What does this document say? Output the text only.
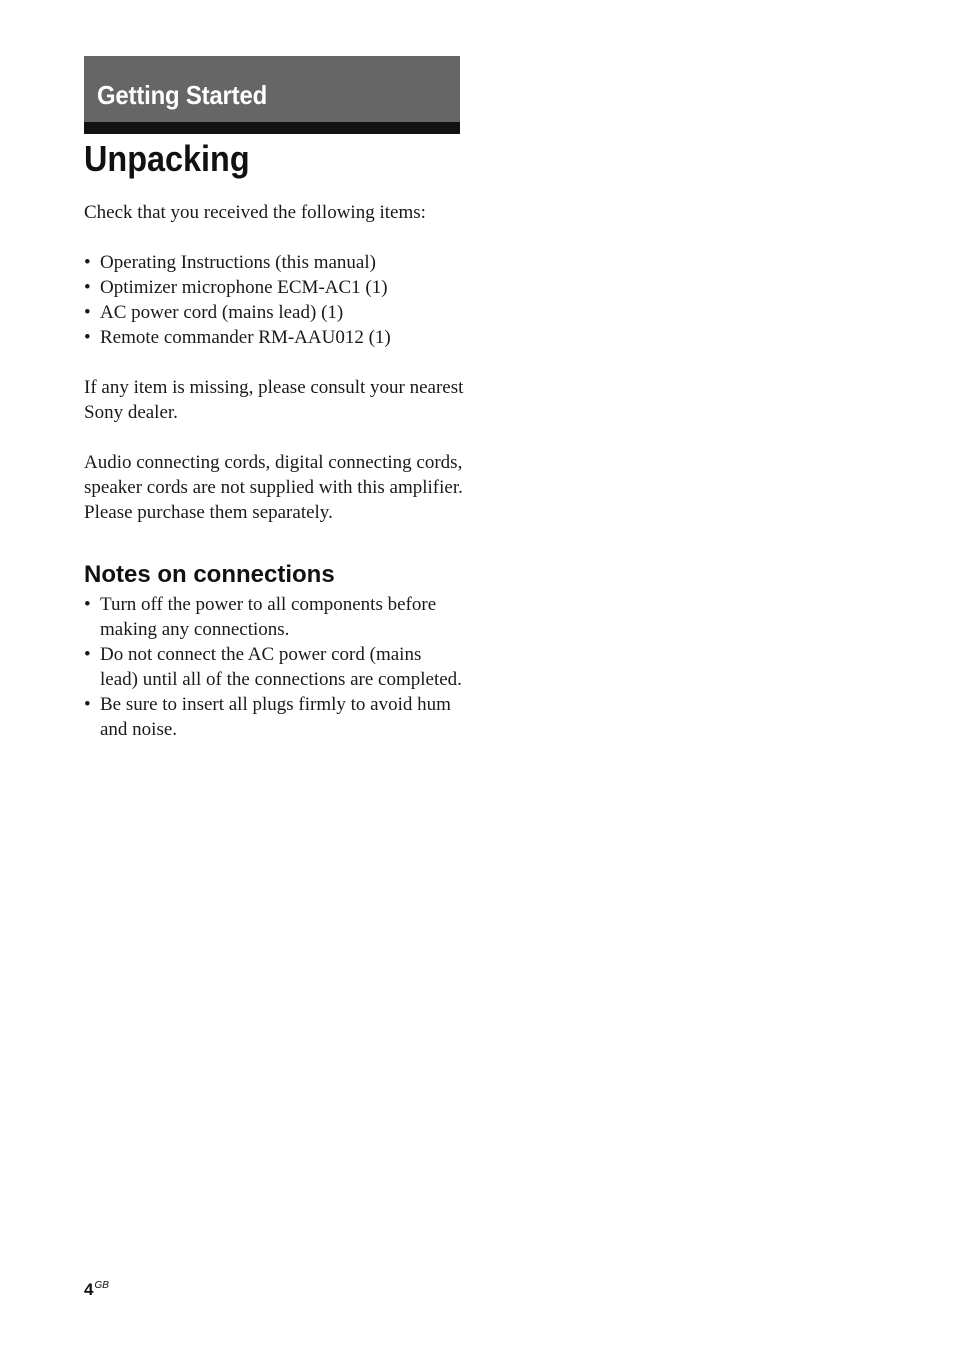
Getting Started
Unpacking

Check that you received the following items:

• Operating Instructions (this manual)
• Optimizer microphone ECM-AC1 (1)
• AC power cord (mains lead) (1)
• Remote commander RM-AAU012 (1)

If any item is missing, please consult your nearest Sony dealer.

Audio connecting cords, digital connecting cords, speaker cords are not supplied with this amplifier. Please purchase them separately.

Notes on connections
• Turn off the power to all components before making any connections.
• Do not connect the AC power cord (mains lead) until all of the connections are completed.
• Be sure to insert all plugs firmly to avoid hum and noise.
$4^{GB}$
